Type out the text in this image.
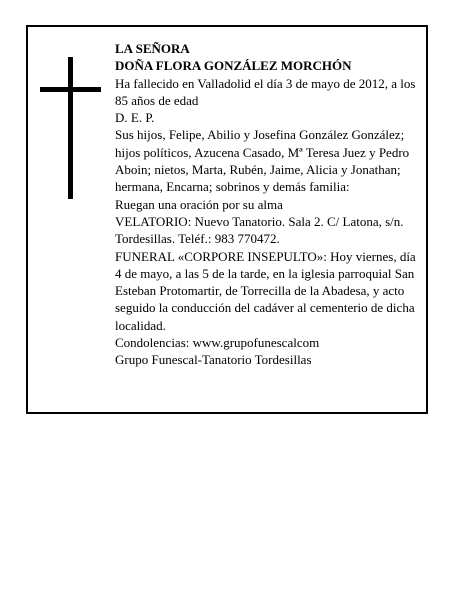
LA SEÑORA

DOÑA FLORA GONZÁLEZ MORCHÓN

Ha fallecido en Valladolid el día 3 de mayo de 2012, a los 85 años de edad

D. E. P.

Sus hijos, Felipe, Abilio y Josefina González González; hijos políticos, Azucena Casado, Mª Teresa Juez y Pedro Aboin; nietos, Marta, Rubén, Jaime, Alicia y Jonathan; hermana, Encarna; sobrinos y demás familia:

Ruegan una oración por su alma

VELATORIO: Nuevo Tanatorio. Sala 2. C/ Latona, s/n. Tordesillas. Teléf.: 983 770472.

FUNERAL «CORPORE INSEPULTO»: Hoy viernes, día 4 de mayo, a las 5 de la tarde, en la iglesia parroquial San Esteban Protomartir, de Torrecilla de la Abadesa, y acto seguido la conducción del cadáver al cementerio de dicha localidad.

Condolencias: www.grupofunescalcom

Grupo Funescal-Tanatorio Tordesillas
